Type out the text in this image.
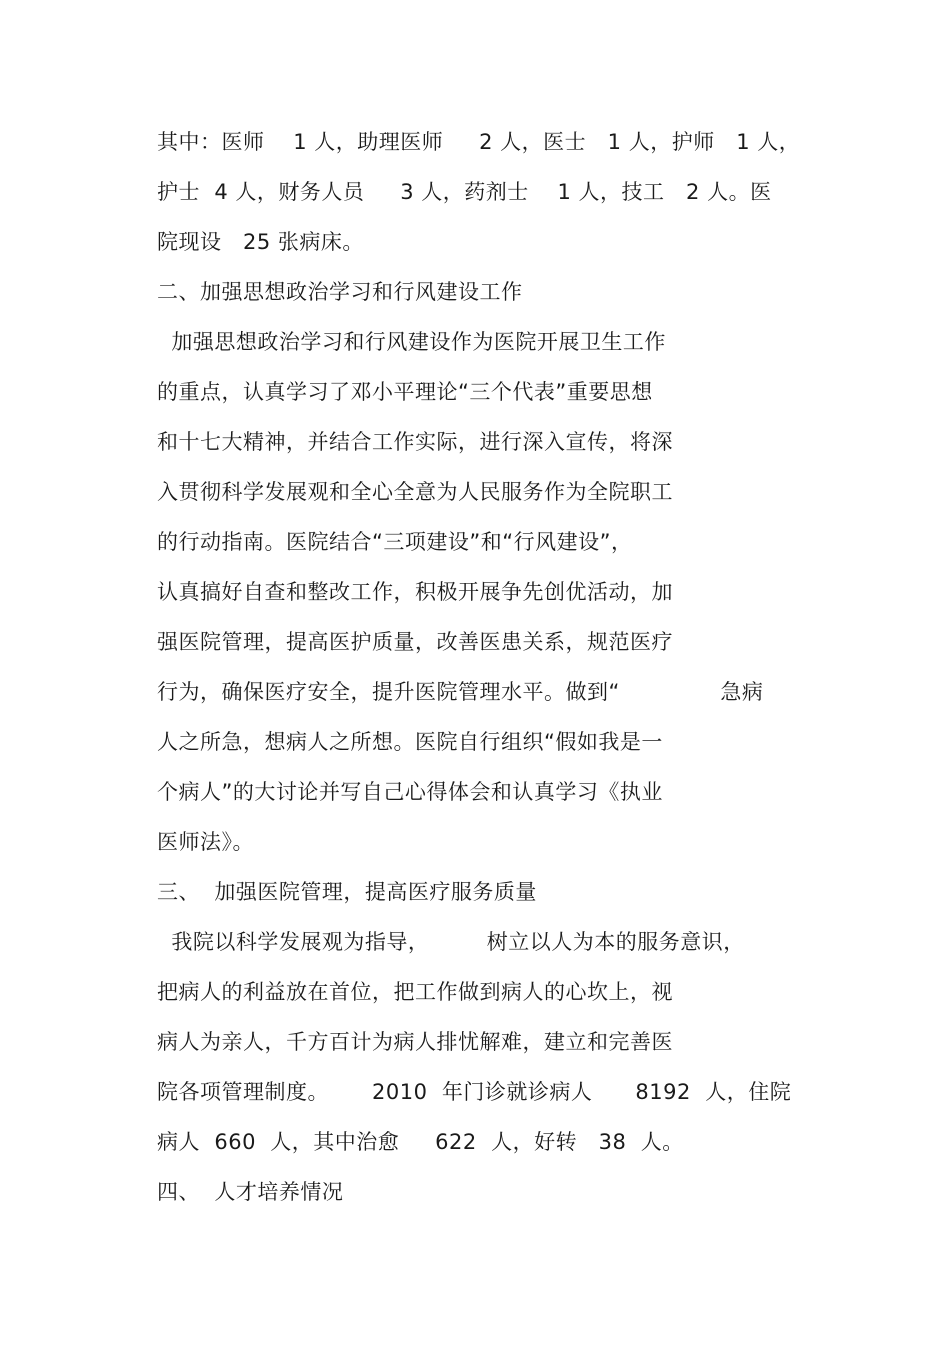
其中：医师    1 人，助理医师     2 人，医士   1 人，护师   1 人，
护士  4 人，财务人员     3 人，药剂士    1 人，技工   2 人。医
院现设   25 张病床。
二、加强思想政治学习和行风建设工作
加强思想政治学习和行风建设作为医院开展卫生工作
的重点，认真学习了邓小平理论“三个代表”重要思想
和十七大精神，并结合工作实际，进行深入宣传，将深
入贯彻科学发展观和全心全意为人民服务作为全院职工
的行动指南。医院结合“三项建设”和“行风建设”，
认真搞好自查和整改工作，积极开展争先创优活动，加
强医院管理，提高医护质量，改善医患关系，规范医疗
行为，确保医疗安全，提升医院管理水平。做到“              急病
人之所急，想病人之所想。医院自行组织“假如我是一
个病人”的大讨论并写自己心得体会和认真学习《执业
医师法》。
三、  加强医院管理，提高医疗服务质量
我院以科学发展观为指导，        树立以人为本的服务意识，
把病人的利益放在首位，把工作做到病人的心坎上，视
病人为亲人，千方百计为病人排忧解难，建立和完善医
院各项管理制度。      2010  年门诊就诊病人      8192  人，住院
病人  660  人，其中治愈     622  人，好转   38  人。
四、  人才培养情况
